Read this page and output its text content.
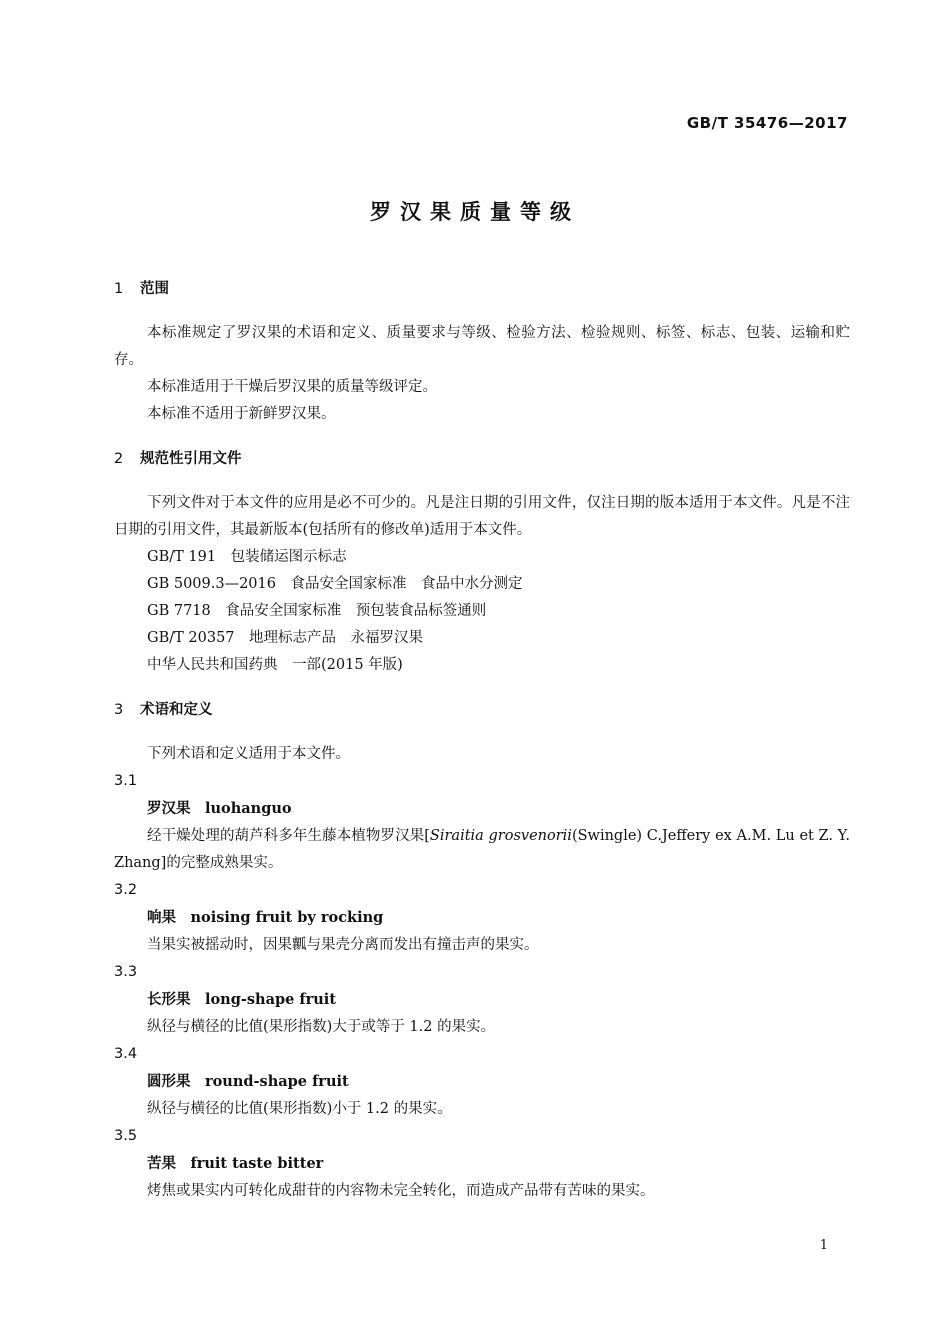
GB/T 35476—2017
罗汉果质量等级
1 范围

本标准规定了罗汉果的术语和定义、质量要求与等级、检验方法、检验规则、标签、标志、包装、运输和贮存。

本标准适用于干燥后罗汉果的质量等级评定。

本标准不适用于新鲜罗汉果。

2 规范性引用文件

下列文件对于本文件的应用是必不可少的。凡是注日期的引用文件，仅注日期的版本适用于本文件。凡是不注日期的引用文件，其最新版本(包括所有的修改单)适用于本文件。

GB/T 191　包装储运图示标志
GB 5009.3—2016　食品安全国家标准　食品中水分测定
GB 7718　食品安全国家标准　预包装食品标签通则
GB/T 20357　地理标志产品　永福罗汉果
中华人民共和国药典　一部(2015 年版)
3 术语和定义

下列术语和定义适用于本文件。

3.1
罗汉果　 luohanguo

经干燥处理的葫芦科多年生藤本植物罗汉果[Siraitia grosvenorii(Swingle) C.Jeffery ex A.M. Lu et Z. Y. Zhang]的完整成熟果实。

3.2
响果　 noising fruit by rocking

当果实被摇动时，因果瓤与果壳分离而发出有撞击声的果实。

3.3
长形果　 long-shape fruit

纵径与横径的比值(果形指数)大于或等于 1.2 的果实。

3.4
圆形果　 round-shape fruit

纵径与横径的比值(果形指数)小于 1.2 的果实。

3.5
苦果　 fruit taste bitter

烤焦或果实内可转化成甜苷的内容物未完全转化，而造成产品带有苦味的果实。

1
